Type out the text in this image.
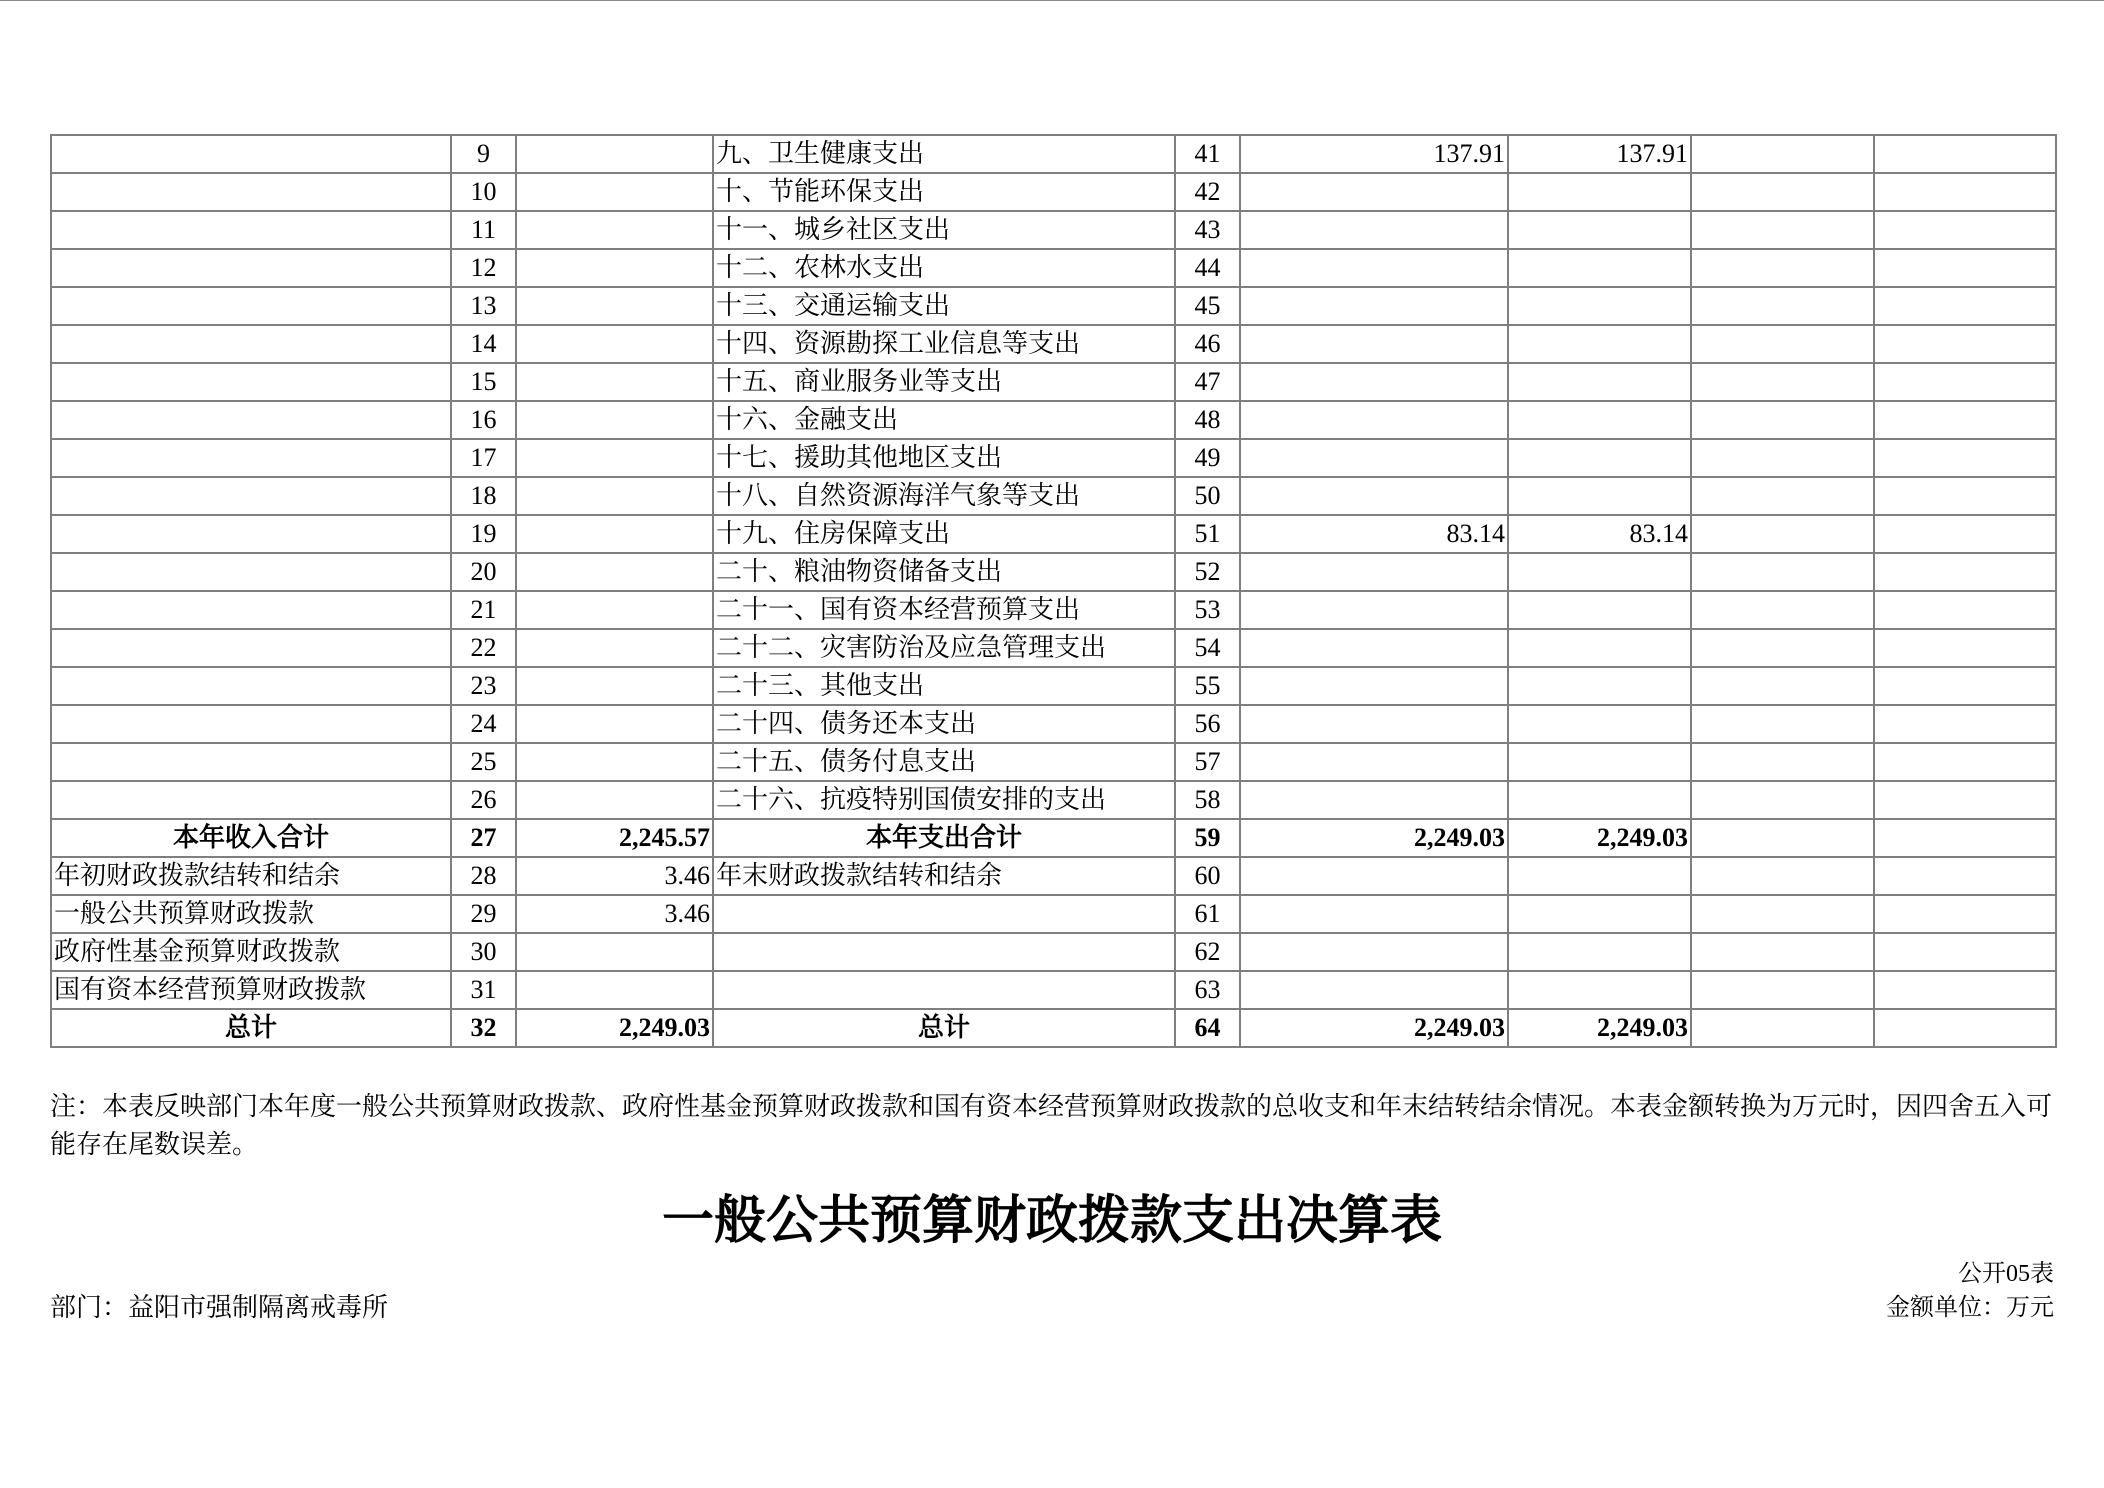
	9		九、卫生健康支出	41	137.91	137.91		
	10		十、节能环保支出	42				
	11		十一、城乡社区支出	43				
	12		十二、农林水支出	44				
	13		十三、交通运输支出	45				
	14		十四、资源勘探工业信息等支出	46				
	15		十五、商业服务业等支出	47				
	16		十六、金融支出	48				
	17		十七、援助其他地区支出	49				
	18		十八、自然资源海洋气象等支出	50				
	19		十九、住房保障支出	51	83.14	83.14		
	20		二十、粮油物资储备支出	52				
	21		二十一、国有资本经营预算支出	53				
	22		二十二、灾害防治及应急管理支出	54				
	23		二十三、其他支出	55				
	24		二十四、债务还本支出	56				
	25		二十五、债务付息支出	57				
	26		二十六、抗疫特别国债安排的支出	58				
本年收入合计	27	2,245.57	本年支出合计	59	2,249.03	2,249.03		
年初财政拨款结转和结余	28	3.46	年末财政拨款结转和结余	60				
一般公共预算财政拨款	29	3.46		61				
政府性基金预算财政拨款	30			62				
国有资本经营预算财政拨款	31			63				
总计	32	2,249.03	总计	64	2,249.03	2,249.03		
注：本表反映部门本年度一般公共预算财政拨款、政府性基金预算财政拨款和国有资本经营预算财政拨款的总收支和年末结转结余情况。本表金额转换为万元时，因四舍五入可能存在尾数误差。
一般公共预算财政拨款支出决算表
公开05表
部门：益阳市强制隔离戒毒所	金额单位：万元
